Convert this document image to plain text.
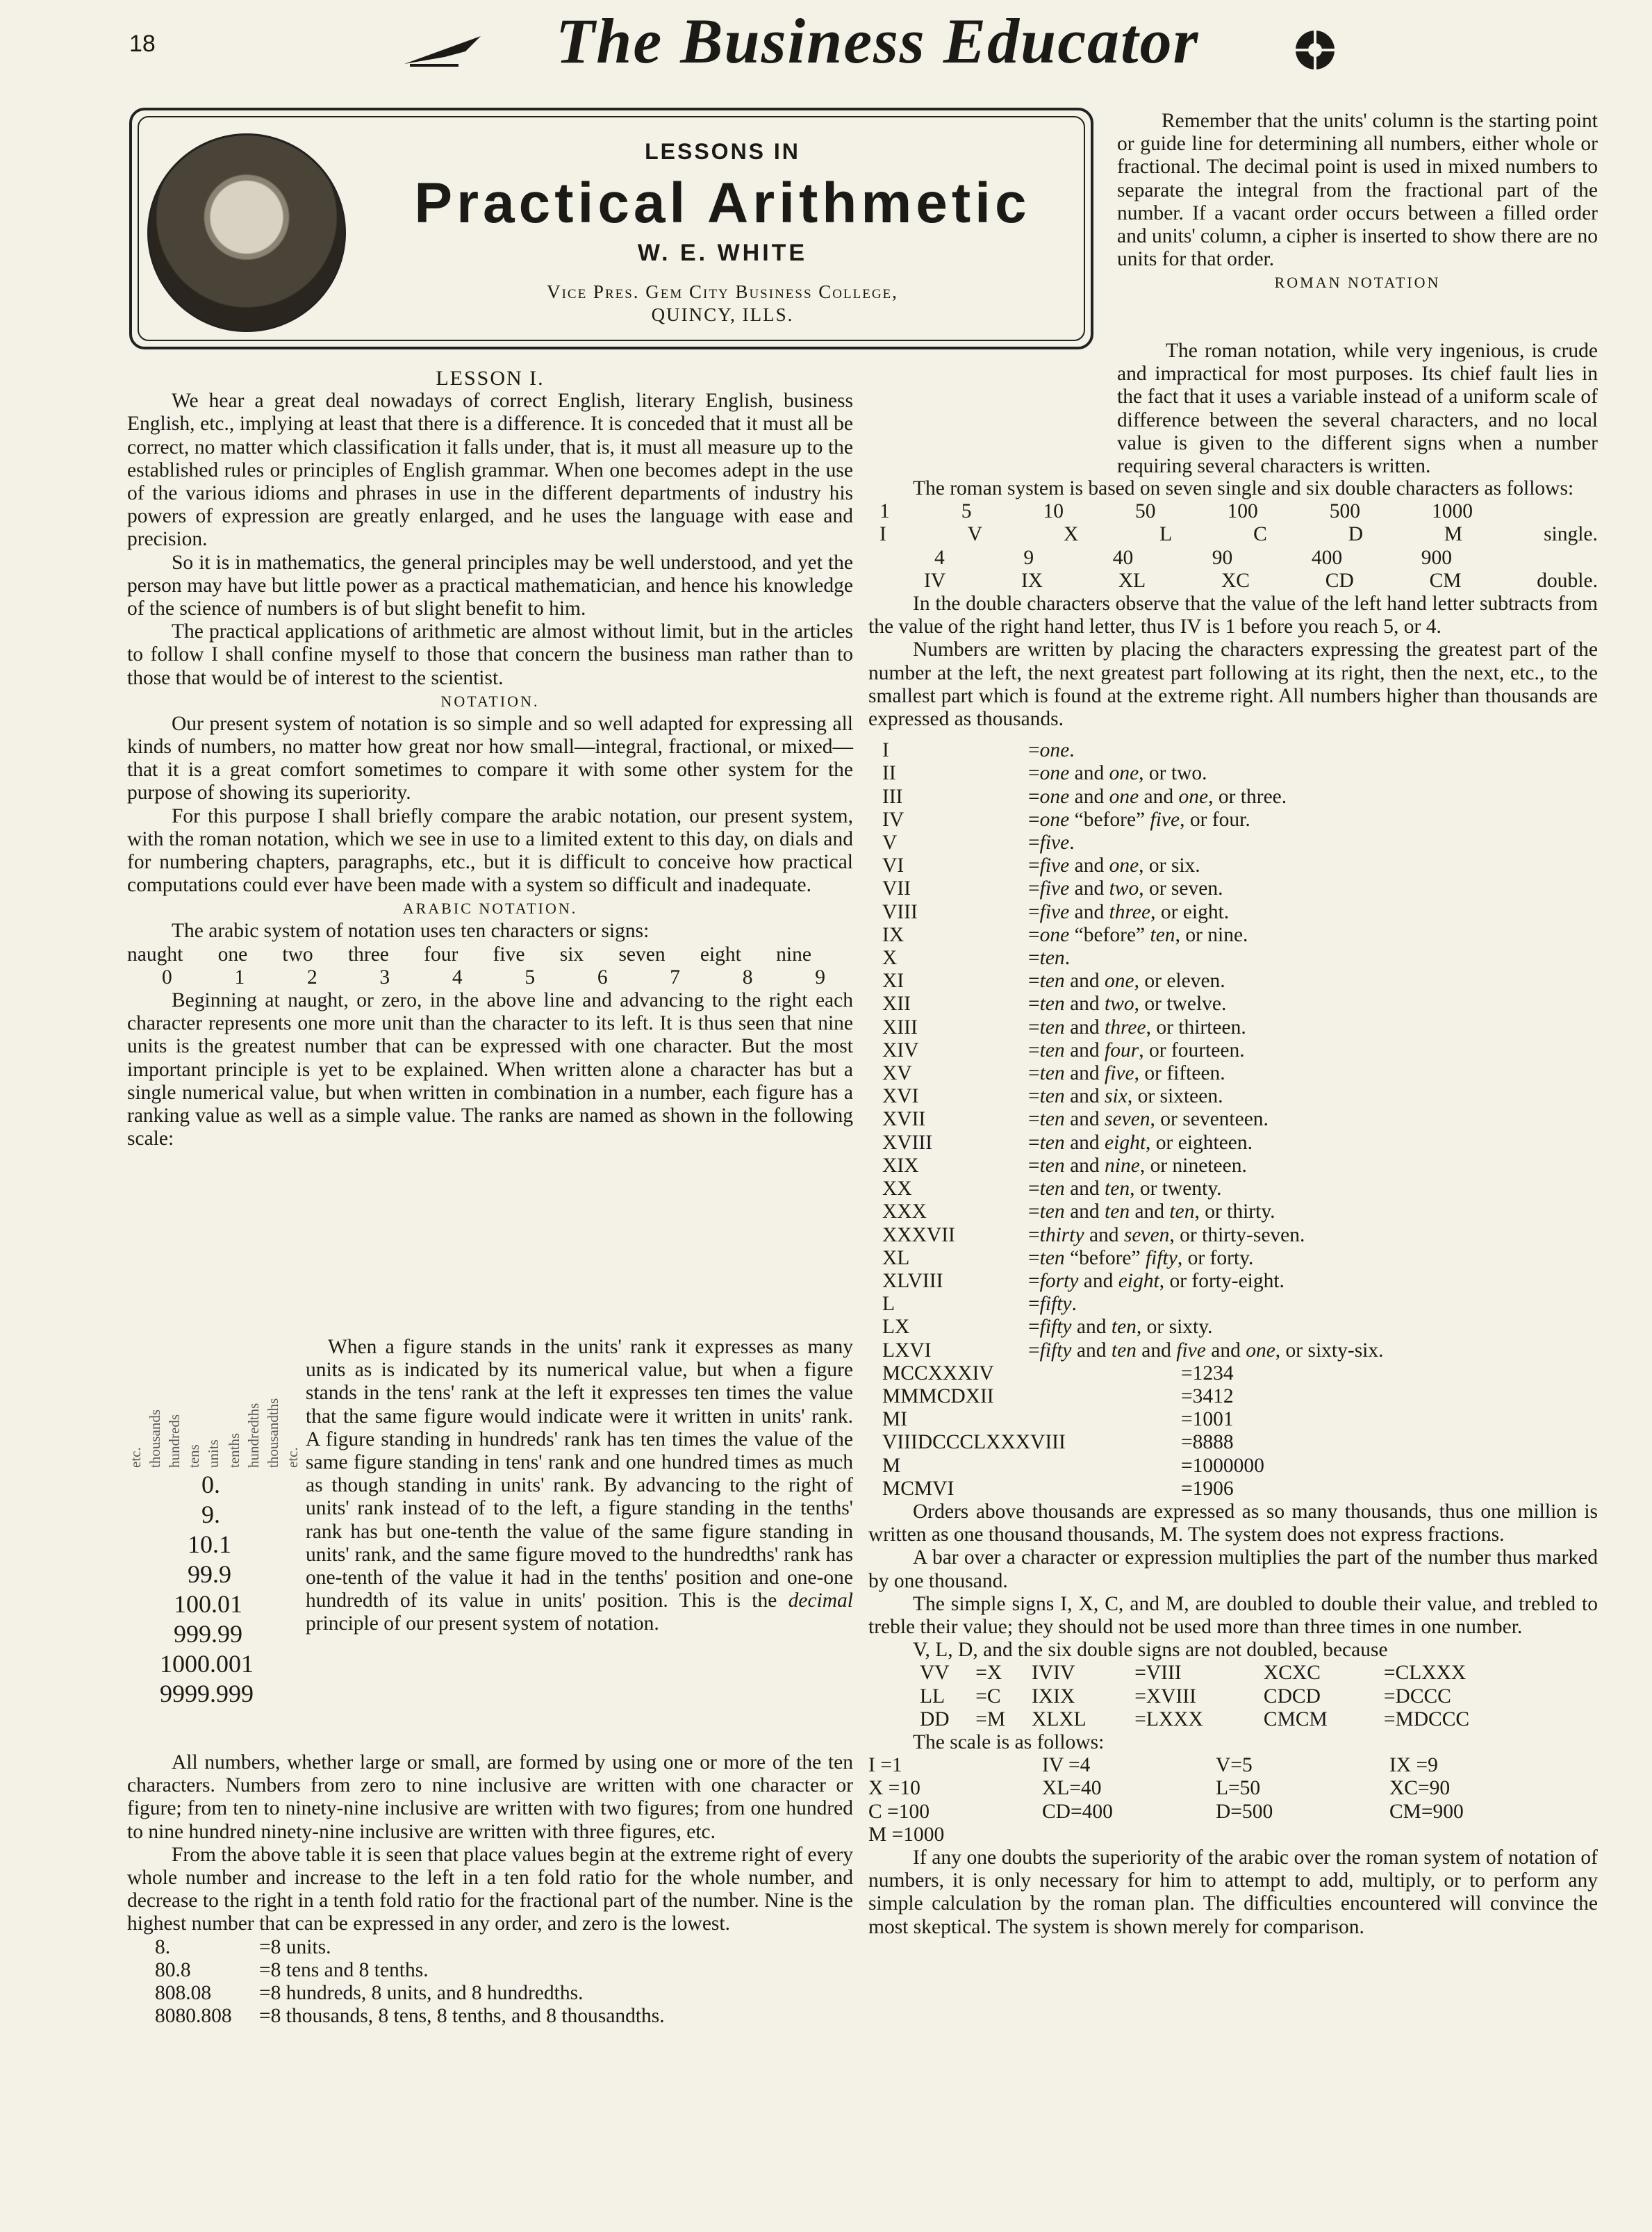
18	The Business Educator
LESSONS IN
Practical Arithmetic
W. E. WHITE
Vice Pres. Gem City Business College,
QUINCY, ILLS.
LESSON I.

We hear a great deal nowadays of correct English, literary English, business English, etc., implying at least that there is a difference. It is conceded that it must all be correct, no matter which classification it falls under, that is, it must all measure up to the established rules or principles of English grammar. When one becomes adept in the use of the various idioms and phrases in use in the different departments of industry his powers of expression are greatly enlarged, and he uses the language with ease and precision.

So it is in mathematics, the general principles may be well understood, and yet the person may have but little power as a practical mathematician, and hence his knowledge of the science of numbers is of but slight benefit to him.

The practical applications of arithmetic are almost without limit, but in the articles to follow I shall confine myself to those that concern the business man rather than to those that would be of interest to the scientist.

NOTATION.

Our present system of notation is so simple and so well adapted for expressing all kinds of numbers, no matter how great nor how small—integral, fractional, or mixed—that it is a great comfort sometimes to compare it with some other system for the purpose of showing its superiority.

For this purpose I shall briefly compare the arabic notation, our present system, with the roman notation, which we see in use to a limited extent to this day, on dials and for numbering chapters, paragraphs, etc., but it is difficult to conceive how practical computations could ever have been made with a system so difficult and inadequate.

ARABIC NOTATION.

The arabic system of notation uses ten characters or signs:

naught one two three four five six seven eight nine
0	1	2	3	4	5	6	7	8	9

Beginning at naught, or zero, in the above line and advancing to the right each character represents one more unit than the character to its left. It is thus seen that nine units is the greatest number that can be expressed with one character. But the most important principle is yet to be explained. When written alone a character has but a single numerical value, but when written in combination in a number, each figure has a ranking value as well as a simple value. The ranks are named as shown in the following scale:

etc. thousands hundreds tens units tenths hundredths thousandths etc.
0.
9.
10.1
99.9
100.01
999.99
1000.001
9999.999

When a figure stands in the units' rank it expresses as many units as is indicated by its numerical value, but when a figure stands in the tens' rank at the left it expresses ten times the value that the same figure would indicate were it written in units' rank. A figure standing in hundreds' rank has ten times the value of the same figure standing in tens' rank and one hundred times as much as though standing in units' rank. By advancing to the right of units' rank instead of to the left, a figure standing in the tenths' rank has but one-tenth the value of the same figure standing in units' rank, and the same figure moved to the hundredths' rank has one-tenth of the value it had in the tenths' position and one-one hundredth of its value in units' position. This is the decimal principle of our present system of notation.

All numbers, whether large or small, are formed by using one or more of the ten characters. Numbers from zero to nine inclusive are written with one character or figure; from ten to ninety-nine inclusive are written with two figures; from one hundred to nine hundred ninety-nine inclusive are written with three figures, etc.

From the above table it is seen that place values begin at the extreme right of every whole number and increase to the left in a ten fold ratio for the whole number, and decrease to the right in a tenth fold ratio for the fractional part of the number. Nine is the highest number that can be expressed in any order, and zero is the lowest.

8.	=8 units.
80.8	=8 tens and 8 tenths.
808.08	=8 hundreds, 8 units, and 8 hundredths.
8080.808	=8 thousands, 8 tens, 8 tenths, and 8 thousandths.

Remember that the units' column is the starting point or guide line for determining all numbers, either whole or fractional. The decimal point is used in mixed numbers to separate the integral from the fractional part of the number. If a vacant order occurs between a filled order and units' column, a cipher is inserted to show there are no units for that order.

ROMAN NOTATION

The roman notation, while very ingenious, is crude and impractical for most purposes. Its chief fault lies in the fact that it uses a variable instead of a uniform scale of difference between the several characters, and no local value is given to the different signs when a number requiring several characters is written.

The roman system is based on seven single and six double characters as follows:

1	5	10	50	100	500	1000
I	V	X	L	C	D	M	single.
4	9	40	90	400	900
IV	IX	XL	XC	CD	CM	double.

In the double characters observe that the value of the left hand letter subtracts from the value of the right hand letter, thus IV is 1 before you reach 5, or 4.

Numbers are written by placing the characters expressing the greatest part of the number at the left, the next greatest part following at its right, then the next, etc., to the smallest part which is found at the extreme right. All numbers higher than thousands are expressed as thousands.

I	=one.
II	=one and one, or two.
III	=one and one and one, or three.
IV	=one “before” five, or four.
V	=five.
VI	=five and one, or six.
VII	=five and two, or seven.
VIII	=five and three, or eight.
IX	=one “before” ten, or nine.
X	=ten.
XI	=ten and one, or eleven.
XII	=ten and two, or twelve.
XIII	=ten and three, or thirteen.
XIV	=ten and four, or fourteen.
XV	=ten and five, or fifteen.
XVI	=ten and six, or sixteen.
XVII	=ten and seven, or seventeen.
XVIII	=ten and eight, or eighteen.
XIX	=ten and nine, or nineteen.
XX	=ten and ten, or twenty.
XXX	=ten and ten and ten, or thirty.
XXXVII	=thirty and seven, or thirty-seven.
XL	=ten “before” fifty, or forty.
XLVIII	=forty and eight, or forty-eight.
L	=fifty.
LX	=fifty and ten, or sixty.
LXVI	=fifty and ten and five and one, or sixty-six.
MCCXXXIV	=1234
MMMCDXII	=3412
MI	=1001
VIIIDCCCLXXXVIII	=8888
M	=1000000
MCMVI	=1906

Orders above thousands are expressed as so many thousands, thus one million is written as one thousand thousands, M. The system does not express fractions.

A bar over a character or expression multiplies the part of the number thus marked by one thousand.

The simple signs I, X, C, and M, are doubled to double their value, and trebled to treble their value; they should not be used more than three times in one number.

V, L, D, and the six double signs are not doubled, because

VV	=X	IVIV	=VIII	XCXC	=CLXXX
LL	=C	IXIX	=XVIII	CDCD	=DCCC
DD	=M	XLXL	=LXXX	CMCM	=MDCCC

The scale is as follows:

I =1	IV =4	V=5	IX =9
X =10	XL=40	L=50	XC=90
C =100	CD=400	D=500	CM=900
M =1000			

If any one doubts the superiority of the arabic over the roman system of notation of numbers, it is only necessary for him to attempt to add, multiply, or to perform any simple calculation by the roman plan. The difficulties encountered will convince the most skeptical. The system is shown merely for comparison.
